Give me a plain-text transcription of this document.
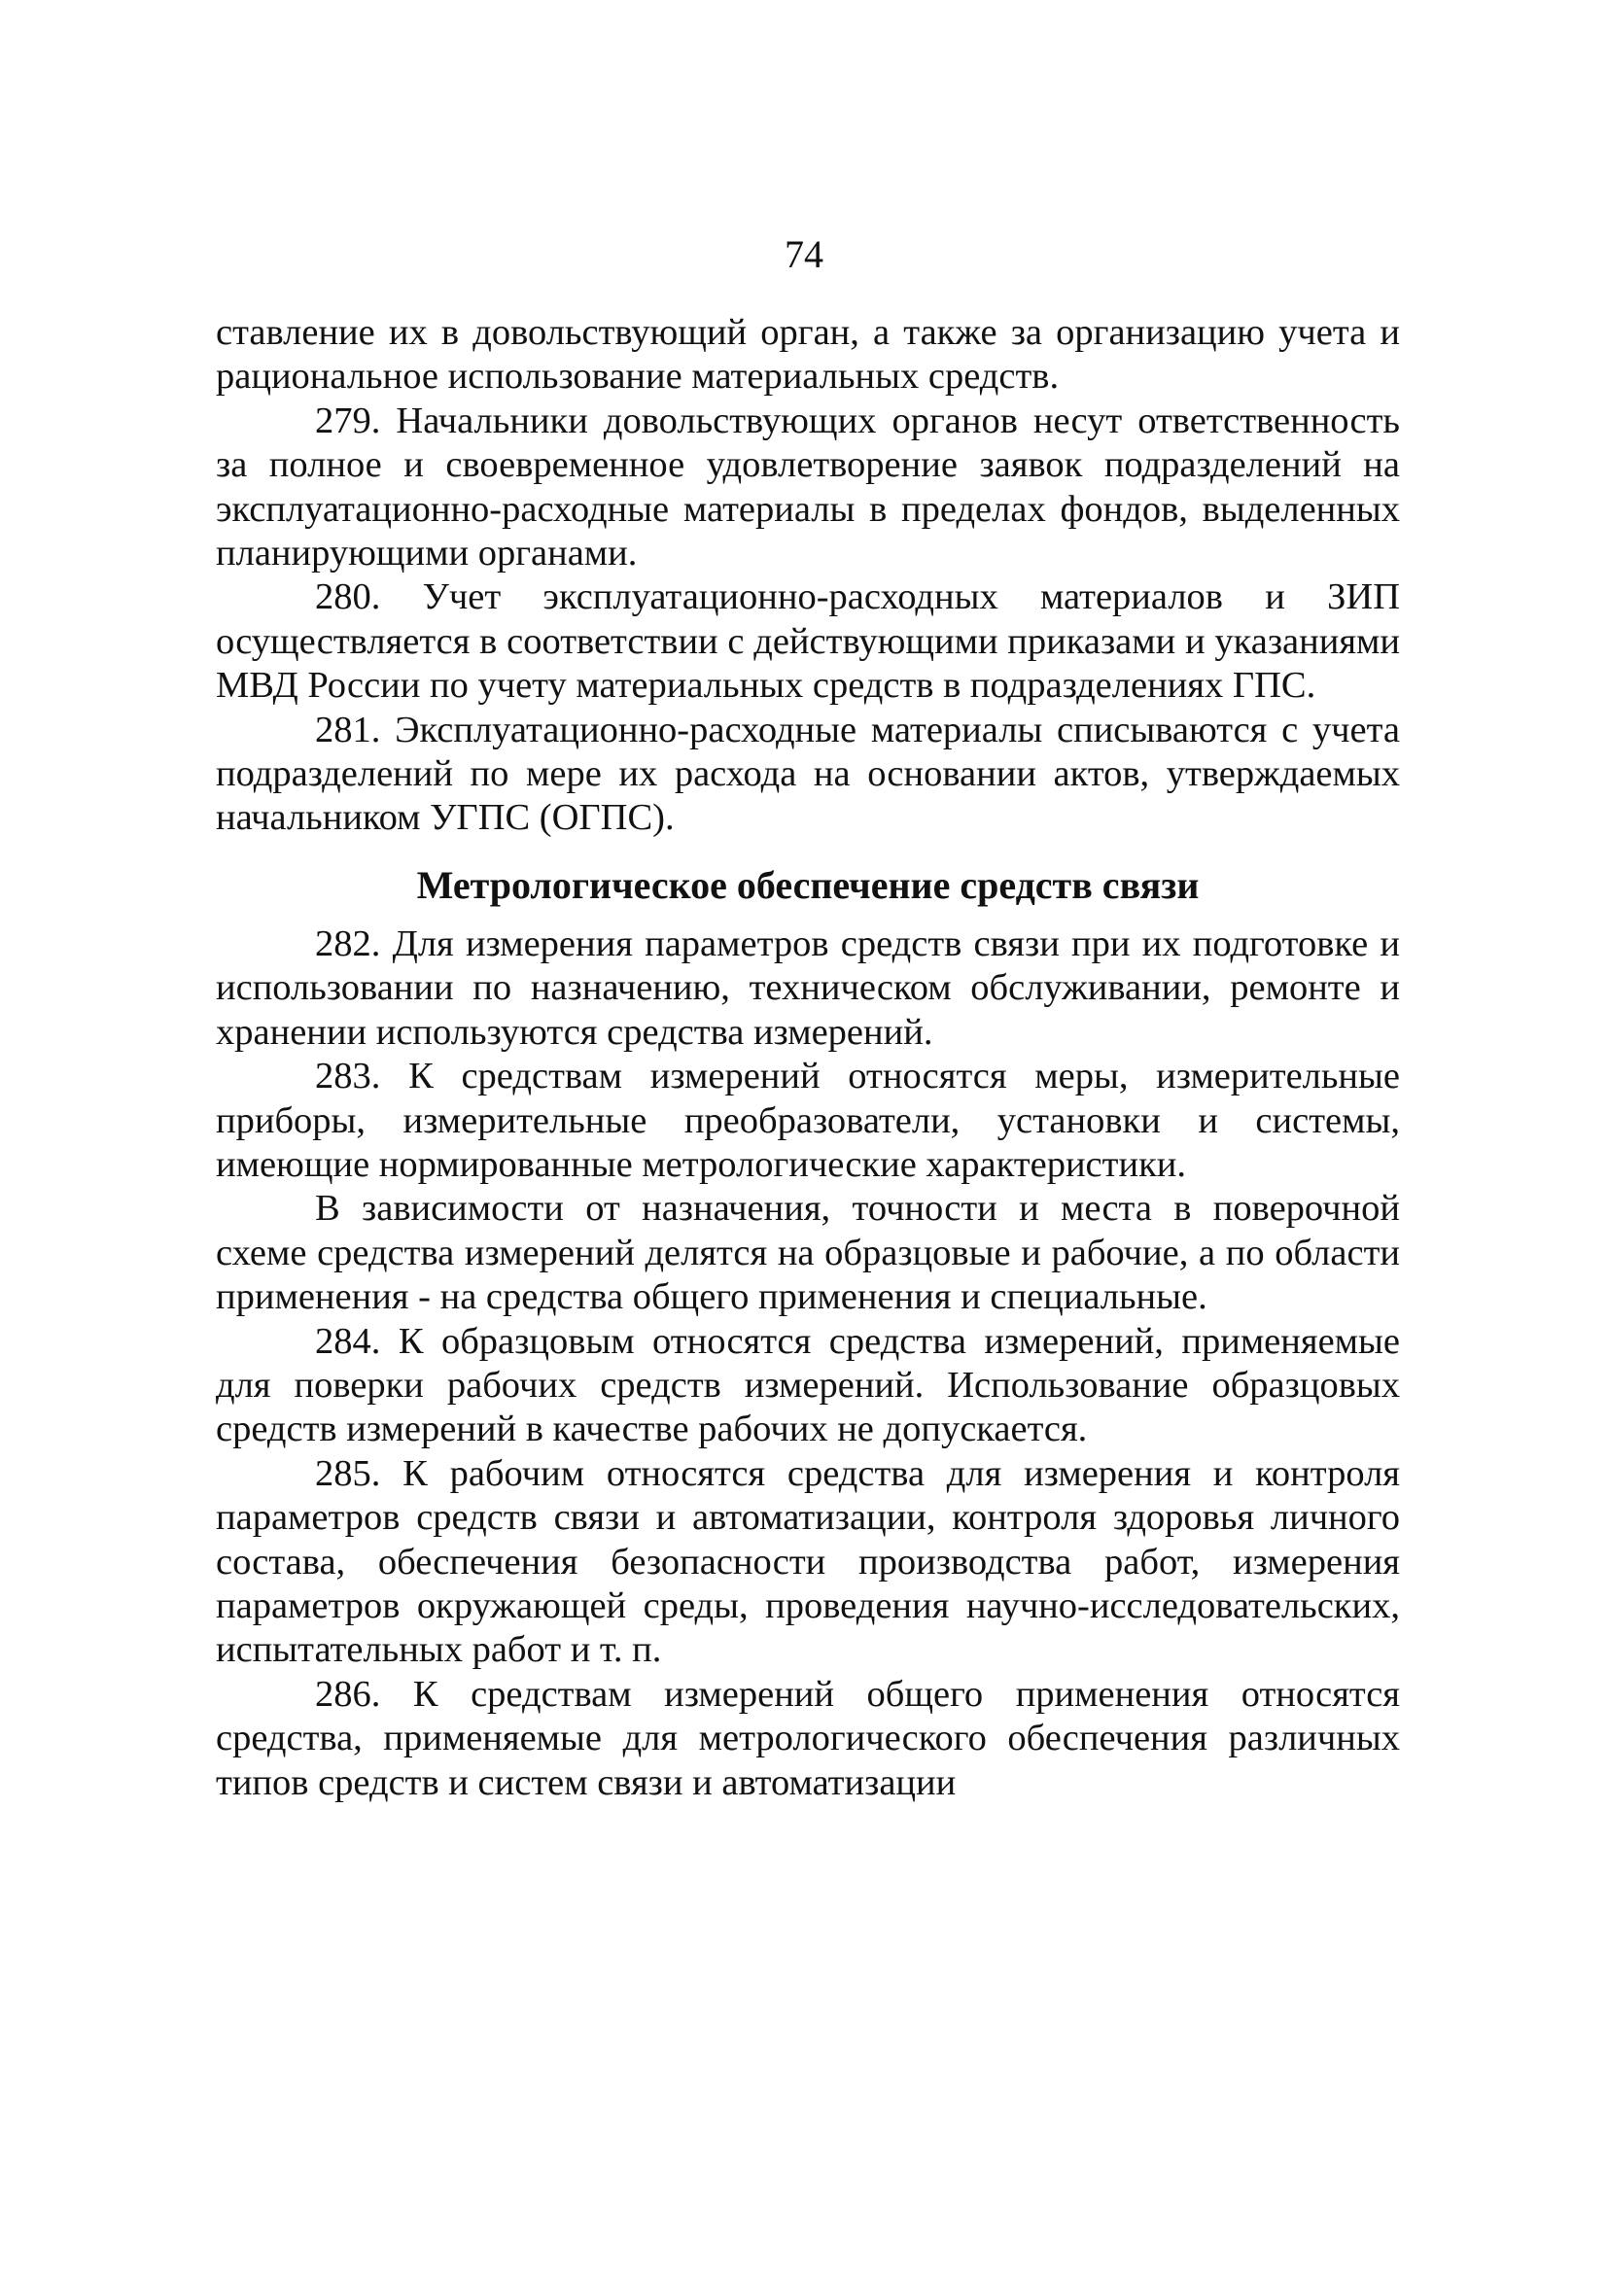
74

ставление их в довольствующий орган, а также за организацию учета и рациональное использование материальных средств.

279. Начальники довольствующих органов несут ответственность за полное и своевременное удовлетворение заявок подразделений на эксплуатационно-расходные материалы в пределах фондов, выделенных планирующими органами.

280. Учет эксплуатационно-расходных материалов и ЗИП осуществляется в соответствии с действующими приказами и указаниями МВД России по учету материальных средств в подразделениях ГПС.

281. Эксплуатационно-расходные материалы списываются с учета подразделений по мере их расхода на основании актов, утверждаемых начальником УГПС (ОГПС).

Метрологическое обеспечение средств связи

282. Для измерения параметров средств связи при их подготовке и использовании по назначению, техническом обслуживании, ремонте и хранении используются средства измерений.

283. К средствам измерений относятся меры, измерительные приборы, измерительные преобразователи, установки и системы, имеющие нормированные метрологические характеристики.

В зависимости от назначения, точности и места в поверочной схеме средства измерений делятся на образцовые и рабочие, а по области применения - на средства общего применения и специальные.

284. К образцовым относятся средства измерений, применяемые для поверки рабочих средств измерений. Использование образцовых средств измерений в качестве рабочих не допускается.

285. К рабочим относятся средства для измерения и контроля параметров средств связи и автоматизации, контроля здоровья личного состава, обеспечения безопасности производства работ, измерения параметров окружающей среды, проведения научно-исследовательских, испытательных работ и т. п.

286. К средствам измерений общего применения относятся средства, применяемые для метрологического обеспечения различных типов средств и систем связи и автоматизации
